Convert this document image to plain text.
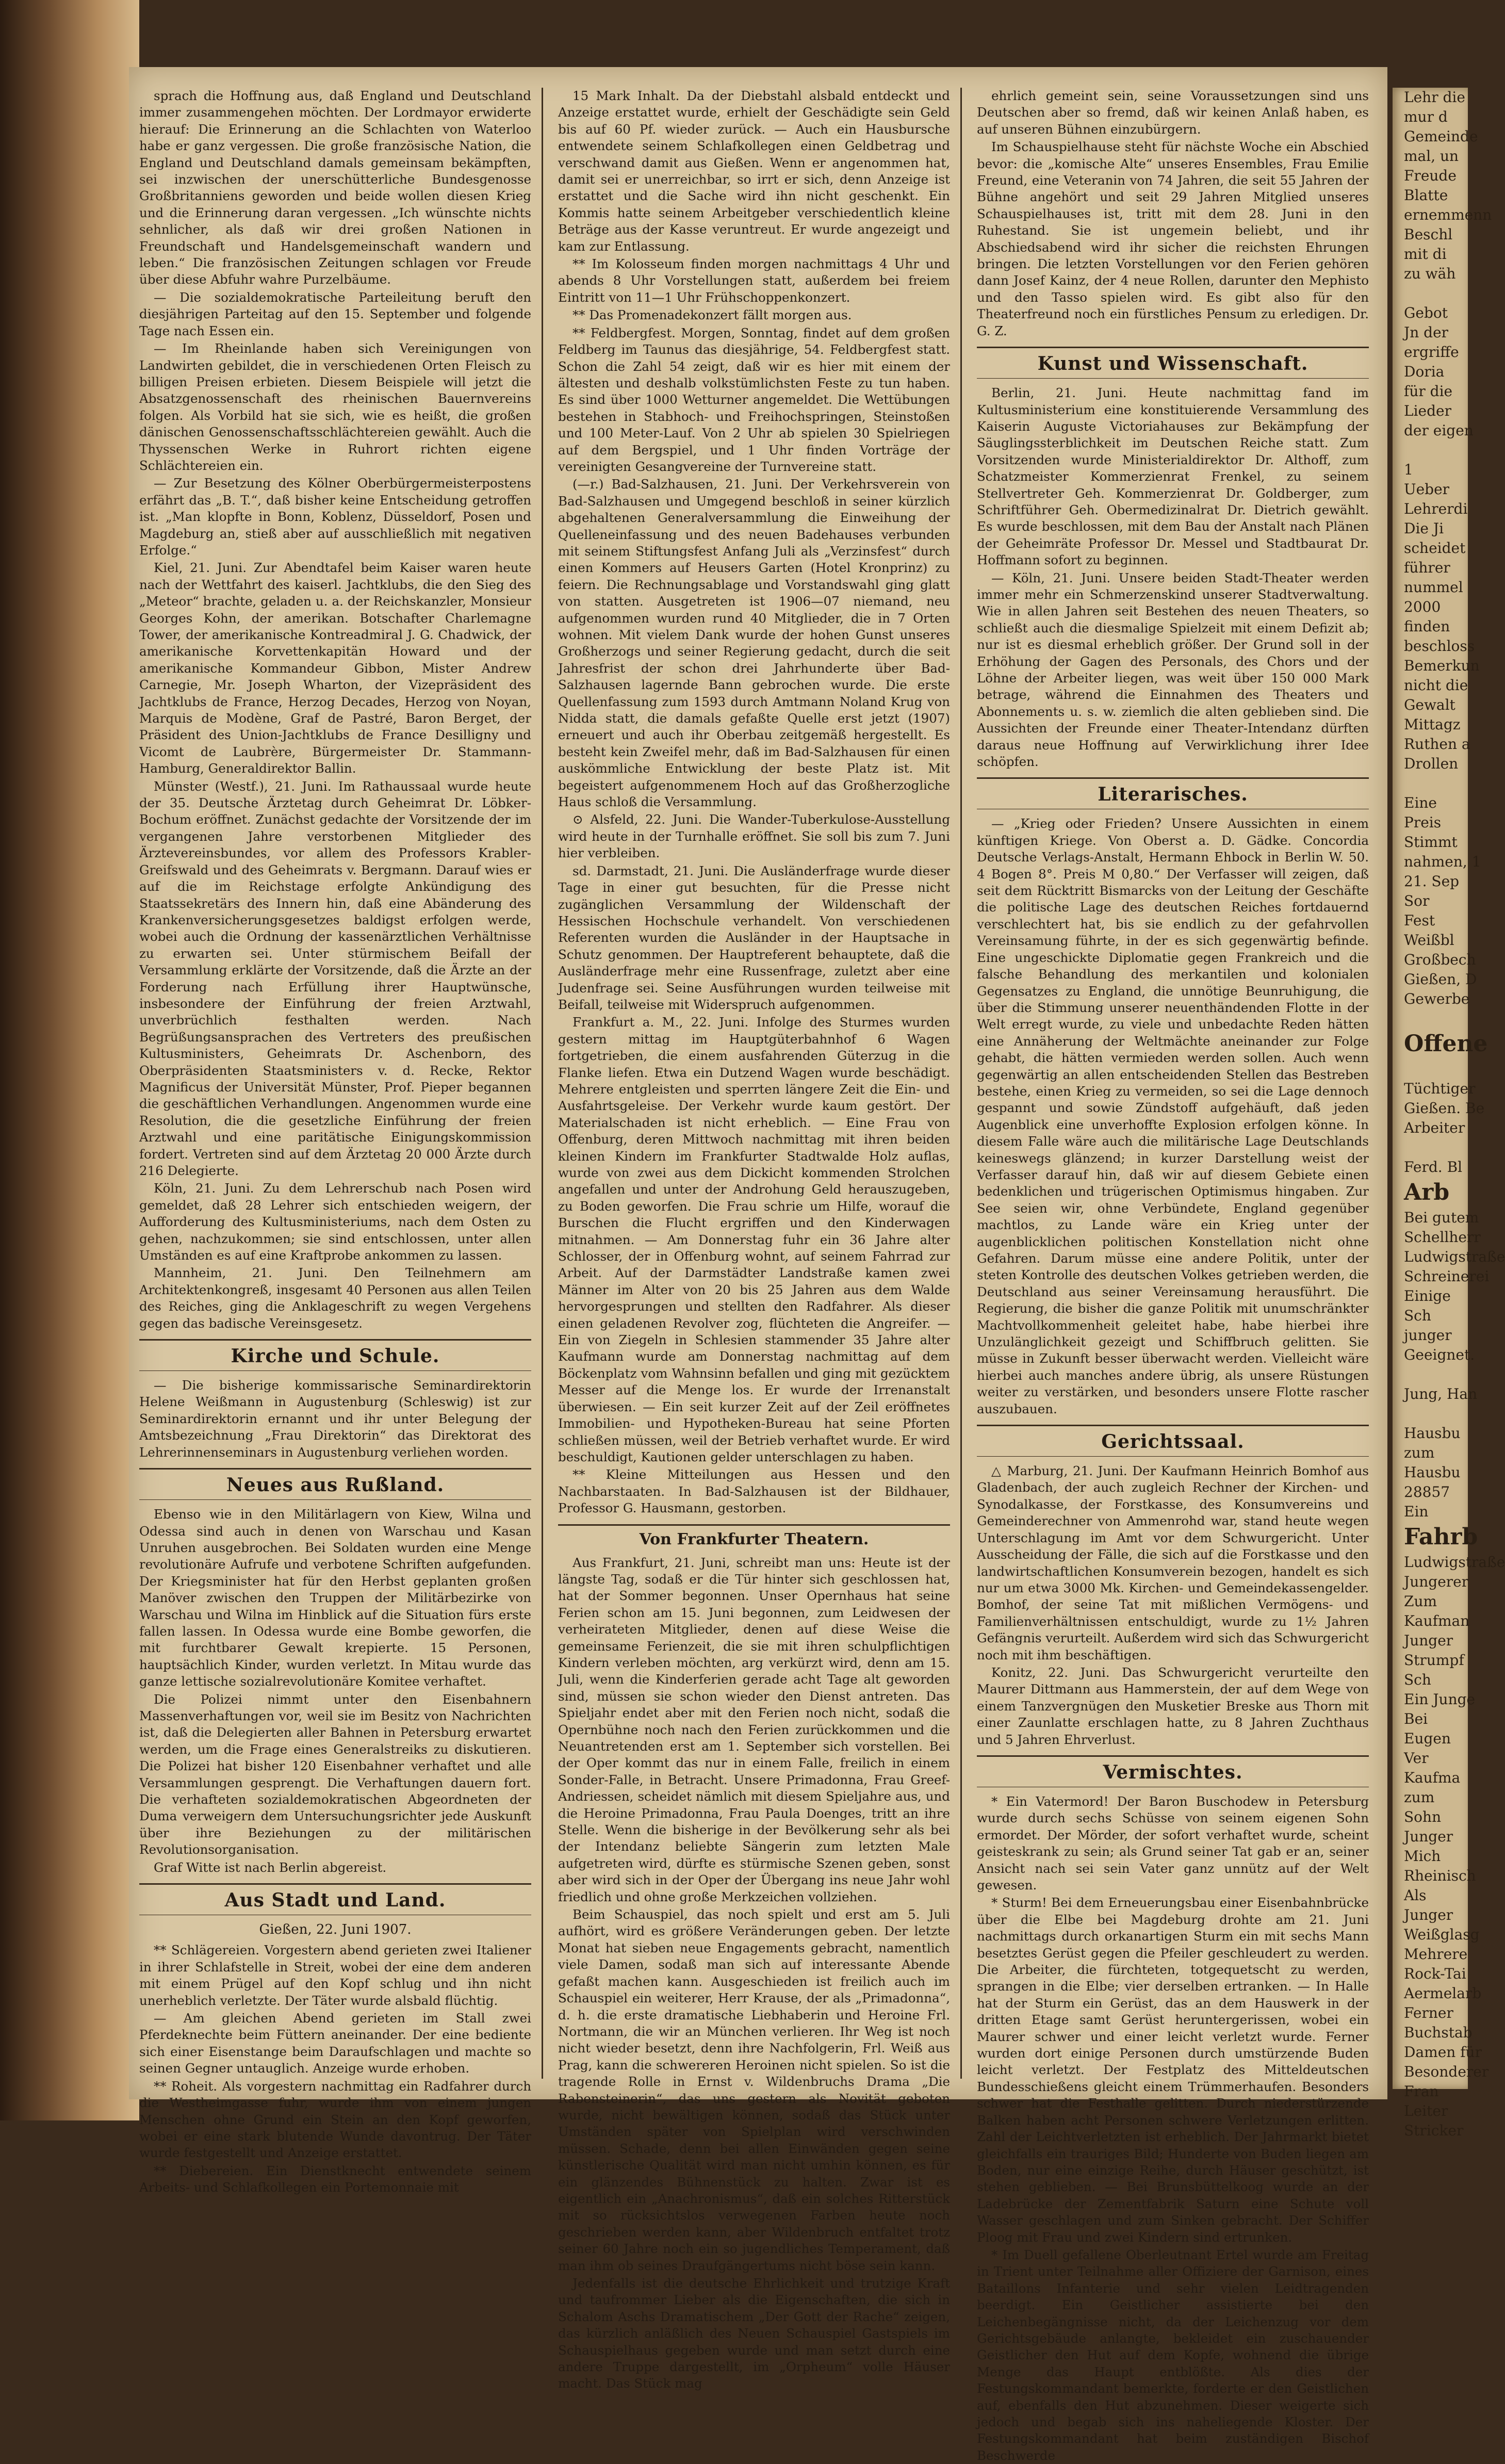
sprach die Hoffnung aus, daß England und Deutschland immer zusammengehen möchten. Der Lordmayor erwiderte hierauf: Die Erinnerung an die Schlachten von Waterloo habe er ganz vergessen. Die große französische Nation, die England und Deutschland damals gemeinsam bekämpften, sei inzwischen der unerschütterliche Bundesgenosse Großbritanniens geworden und beide wollen diesen Krieg und die Erinnerung daran vergessen. „Ich wünschte nichts sehnlicher, als daß wir drei großen Nationen in Freundschaft und Handelsgemeinschaft wandern und leben.“ Die französischen Zeitungen schlagen vor Freude über diese Abfuhr wahre Purzelbäume.

— Die sozialdemokratische Parteileitung beruft den diesjährigen Parteitag auf den 15. September und folgende Tage nach Essen ein.

— Im Rheinlande haben sich Vereinigungen von Landwirten gebildet, die in verschiedenen Orten Fleisch zu billigen Preisen erbieten. Diesem Beispiele will jetzt die Absatzgenossenschaft des rheinischen Bauernvereins folgen. Als Vorbild hat sie sich, wie es heißt, die großen dänischen Genossenschaftsschlächtereien gewählt. Auch die Thyssenschen Werke in Ruhrort richten eigene Schlächtereien ein.

— Zur Besetzung des Kölner Oberbürgermeisterpostens erfährt das „B. T.“, daß bisher keine Entscheidung getroffen ist. „Man klopfte in Bonn, Koblenz, Düsseldorf, Posen und Magdeburg an, stieß aber auf ausschließlich mit negativen Erfolge.“

Kiel, 21. Juni. Zur Abendtafel beim Kaiser waren heute nach der Wettfahrt des kaiserl. Jachtklubs, die den Sieg des „Meteor“ brachte, geladen u. a. der Reichskanzler, Monsieur Georges Kohn, der amerikan. Botschafter Charlemagne Tower, der amerikanische Kontreadmiral J. G. Chadwick, der amerikanische Korvettenkapitän Howard und der amerikanische Kommandeur Gibbon, Mister Andrew Carnegie, Mr. Joseph Wharton, der Vizepräsident des Jachtklubs de France, Herzog Decades, Herzog von Noyan, Marquis de Modène, Graf de Pastré, Baron Berget, der Präsident des Union-Jachtklubs de France Desilligny und Vicomt de Laubrère, Bürgermeister Dr. Stammann-Hamburg, Generaldirektor Ballin.

Münster (Westf.), 21. Juni. Im Rathaussaal wurde heute der 35. Deutsche Ärztetag durch Geheimrat Dr. Löbker-Bochum eröffnet. Zunächst gedachte der Vorsitzende der im vergangenen Jahre verstorbenen Mitglieder des Ärztevereinsbundes, vor allem des Professors Krabler-Greifswald und des Geheimrats v. Bergmann. Darauf wies er auf die im Reichstage erfolgte Ankündigung des Staatssekretärs des Innern hin, daß eine Abänderung des Krankenversicherungsgesetzes baldigst erfolgen werde, wobei auch die Ordnung der kassenärztlichen Verhältnisse zu erwarten sei. Unter stürmischem Beifall der Versammlung erklärte der Vorsitzende, daß die Ärzte an der Forderung nach Erfüllung ihrer Hauptwünsche, insbesondere der Einführung der freien Arztwahl, unverbrüchlich festhalten werden. Nach Begrüßungsansprachen des Vertreters des preußischen Kultusministers, Geheimrats Dr. Aschenborn, des Oberpräsidenten Staatsministers v. d. Recke, Rektor Magnificus der Universität Münster, Prof. Pieper begannen die geschäftlichen Verhandlungen. Angenommen wurde eine Resolution, die die gesetzliche Einführung der freien Arztwahl und eine paritätische Einigungskommission fordert. Vertreten sind auf dem Ärztetag 20 000 Ärzte durch 216 Delegierte.

Köln, 21. Juni. Zu dem Lehrerschub nach Posen wird gemeldet, daß 28 Lehrer sich entschieden weigern, der Aufforderung des Kultusministeriums, nach dem Osten zu gehen, nachzukommen; sie sind entschlossen, unter allen Umständen es auf eine Kraftprobe ankommen zu lassen.

Mannheim, 21. Juni. Den Teilnehmern am Architektenkongreß, insgesamt 40 Personen aus allen Teilen des Reiches, ging die Anklageschrift zu wegen Vergehens gegen das badische Vereinsgesetz.

Kirche und Schule.

— Die bisherige kommissarische Seminardirektorin Helene Weißmann in Augustenburg (Schleswig) ist zur Seminardirektorin ernannt und ihr unter Belegung der Amtsbezeichnung „Frau Direktorin“ das Direktorat des Lehrerinnenseminars in Augustenburg verliehen worden.

Neues aus Rußland.

Ebenso wie in den Militärlagern von Kiew, Wilna und Odessa sind auch in denen von Warschau und Kasan Unruhen ausgebrochen. Bei Soldaten wurden eine Menge revolutionäre Aufrufe und verbotene Schriften aufgefunden. Der Kriegsminister hat für den Herbst geplanten großen Manöver zwischen den Truppen der Militärbezirke von Warschau und Wilna im Hinblick auf die Situation fürs erste fallen lassen. In Odessa wurde eine Bombe geworfen, die mit furchtbarer Gewalt krepierte. 15 Personen, hauptsächlich Kinder, wurden verletzt. In Mitau wurde das ganze lettische sozialrevolutionäre Komitee verhaftet.

Die Polizei nimmt unter den Eisenbahnern Massenverhaftungen vor, weil sie im Besitz von Nachrichten ist, daß die Delegierten aller Bahnen in Petersburg erwartet werden, um die Frage eines Generalstreiks zu diskutieren. Die Polizei hat bisher 120 Eisenbahner verhaftet und alle Versammlungen gesprengt. Die Verhaftungen dauern fort. Die verhafteten sozialdemokratischen Abgeordneten der Duma verweigern dem Untersuchungsrichter jede Auskunft über ihre Beziehungen zu der militärischen Revolutionsorganisation.

Graf Witte ist nach Berlin abgereist.

Aus Stadt und Land.
Gießen, 22. Juni 1907.

** Schlägereien. Vorgestern abend gerieten zwei Italiener in ihrer Schlafstelle in Streit, wobei der eine dem anderen mit einem Prügel auf den Kopf schlug und ihn nicht unerheblich verletzte. Der Täter wurde alsbald flüchtig.

— Am gleichen Abend gerieten im Stall zwei Pferdeknechte beim Füttern aneinander. Der eine bediente sich einer Eisenstange beim Daraufschlagen und machte so seinen Gegner untauglich. Anzeige wurde erhoben.

** Roheit. Als vorgestern nachmittag ein Radfahrer durch die Westheimgasse fuhr, wurde ihm von einem jungen Menschen ohne Grund ein Stein an den Kopf geworfen, wobei er eine stark blutende Wunde davontrug. Der Täter wurde festgestellt und Anzeige erstattet.

** Diebereien. Ein Dienstknecht entwendete seinem Arbeits- und Schlafkollegen ein Portemonnaie mit

15 Mark Inhalt. Da der Diebstahl alsbald entdeckt und Anzeige erstattet wurde, erhielt der Geschädigte sein Geld bis auf 60 Pf. wieder zurück. — Auch ein Hausbursche entwendete seinem Schlafkollegen einen Geldbetrag und verschwand damit aus Gießen. Wenn er angenommen hat, damit sei er unerreichbar, so irrt er sich, denn Anzeige ist erstattet und die Sache wird ihn nicht geschenkt. Ein Kommis hatte seinem Arbeitgeber verschiedentlich kleine Beträge aus der Kasse veruntreut. Er wurde angezeigt und kam zur Entlassung.

** Im Kolosseum finden morgen nachmittags 4 Uhr und abends 8 Uhr Vorstellungen statt, außerdem bei freiem Eintritt von 11—1 Uhr Frühschoppenkonzert.

** Das Promenadekonzert fällt morgen aus.

** Feldbergfest. Morgen, Sonntag, findet auf dem großen Feldberg im Taunus das diesjährige, 54. Feldbergfest statt. Schon die Zahl 54 zeigt, daß wir es hier mit einem der ältesten und deshalb volkstümlichsten Feste zu tun haben. Es sind über 1000 Wetturner angemeldet. Die Wettübungen bestehen in Stabhoch- und Freihochspringen, Steinstoßen und 100 Meter-Lauf. Von 2 Uhr ab spielen 30 Spielriegen auf dem Bergspiel, und 1 Uhr finden Vorträge der vereinigten Gesangvereine der Turnvereine statt.

(—r.) Bad-Salzhausen, 21. Juni. Der Verkehrsverein von Bad-Salzhausen und Umgegend beschloß in seiner kürzlich abgehaltenen Generalversammlung die Einweihung der Quelleneinfassung und des neuen Badehauses verbunden mit seinem Stiftungsfest Anfang Juli als „Verzinsfest“ durch einen Kommers auf Heusers Garten (Hotel Kronprinz) zu feiern. Die Rechnungsablage und Vorstandswahl ging glatt von statten. Ausgetreten ist 1906—07 niemand, neu aufgenommen wurden rund 40 Mitglieder, die in 7 Orten wohnen. Mit vielem Dank wurde der hohen Gunst unseres Großherzogs und seiner Regierung gedacht, durch die seit Jahresfrist der schon drei Jahrhunderte über Bad-Salzhausen lagernde Bann gebrochen wurde. Die erste Quellenfassung zum 1593 durch Amtmann Noland Krug von Nidda statt, die damals gefaßte Quelle erst jetzt (1907) erneuert und auch ihr Oberbau zeitgemäß hergestellt. Es besteht kein Zweifel mehr, daß im Bad-Salzhausen für einen auskömmliche Entwicklung der beste Platz ist. Mit begeistert aufgenommenem Hoch auf das Großherzogliche Haus schloß die Versammlung.

⊙ Alsfeld, 22. Juni. Die Wander-Tuberkulose-Ausstellung wird heute in der Turnhalle eröffnet. Sie soll bis zum 7. Juni hier verbleiben.

sd. Darmstadt, 21. Juni. Die Ausländerfrage wurde dieser Tage in einer gut besuchten, für die Presse nicht zugänglichen Versammlung der Wildenschaft der Hessischen Hochschule verhandelt. Von verschiedenen Referenten wurden die Ausländer in der Hauptsache in Schutz genommen. Der Hauptreferent behauptete, daß die Ausländerfrage mehr eine Russenfrage, zuletzt aber eine Judenfrage sei. Seine Ausführungen wurden teilweise mit Beifall, teilweise mit Widerspruch aufgenommen.

Frankfurt a. M., 22. Juni. Infolge des Sturmes wurden gestern mittag im Hauptgüterbahnhof 6 Wagen fortgetrieben, die einem ausfahrenden Güterzug in die Flanke liefen. Etwa ein Dutzend Wagen wurde beschädigt. Mehrere entgleisten und sperrten längere Zeit die Ein- und Ausfahrtsgeleise. Der Verkehr wurde kaum gestört. Der Materialschaden ist nicht erheblich. — Eine Frau von Offenburg, deren Mittwoch nachmittag mit ihren beiden kleinen Kindern im Frankfurter Stadtwalde Holz auflas, wurde von zwei aus dem Dickicht kommenden Strolchen angefallen und unter der Androhung Geld herauszugeben, zu Boden geworfen. Die Frau schrie um Hilfe, worauf die Burschen die Flucht ergriffen und den Kinderwagen mitnahmen. — Am Donnerstag fuhr ein 36 Jahre alter Schlosser, der in Offenburg wohnt, auf seinem Fahrrad zur Arbeit. Auf der Darmstädter Landstraße kamen zwei Männer im Alter von 20 bis 25 Jahren aus dem Walde hervorgesprungen und stellten den Radfahrer. Als dieser einen geladenen Revolver zog, flüchteten die Angreifer. — Ein von Ziegeln in Schlesien stammender 35 Jahre alter Kaufmann wurde am Donnerstag nachmittag auf dem Böckenplatz vom Wahnsinn befallen und ging mit gezücktem Messer auf die Menge los. Er wurde der Irrenanstalt überwiesen. — Ein seit kurzer Zeit auf der Zeil eröffnetes Immobilien- und Hypotheken-Bureau hat seine Pforten schließen müssen, weil der Betrieb verhaftet wurde. Er wird beschuldigt, Kautionen gelder unterschlagen zu haben.

** Kleine Mitteilungen aus Hessen und den Nachbarstaaten. In Bad-Salzhausen ist der Bildhauer, Professor G. Hausmann, gestorben.

Von Frankfurter Theatern.

Aus Frankfurt, 21. Juni, schreibt man uns: Heute ist der längste Tag, sodaß er die Tür hinter sich geschlossen hat, hat der Sommer begonnen. Unser Opernhaus hat seine Ferien schon am 15. Juni begonnen, zum Leidwesen der verheirateten Mitglieder, denen auf diese Weise die gemeinsame Ferienzeit, die sie mit ihren schulpflichtigen Kindern verleben möchten, arg verkürzt wird, denn am 15. Juli, wenn die Kinderferien gerade acht Tage alt geworden sind, müssen sie schon wieder den Dienst antreten. Das Spieljahr endet aber mit den Ferien noch nicht, sodaß die Opernbühne noch nach den Ferien zurückkommen und die Neuantretenden erst am 1. September sich vorstellen. Bei der Oper kommt das nur in einem Falle, freilich in einem Sonder-Falle, in Betracht. Unsere Primadonna, Frau Greef-Andriessen, scheidet nämlich mit diesem Spieljahre aus, und die Heroine Primadonna, Frau Paula Doenges, tritt an ihre Stelle. Wenn die bisherige in der Bevölkerung sehr als bei der Intendanz beliebte Sängerin zum letzten Male aufgetreten wird, dürfte es stürmische Szenen geben, sonst aber wird sich in der Oper der Übergang ins neue Jahr wohl friedlich und ohne große Merkzeichen vollziehen.

Beim Schauspiel, das noch spielt und erst am 5. Juli aufhört, wird es größere Veränderungen geben. Der letzte Monat hat sieben neue Engagements gebracht, namentlich viele Damen, sodaß man sich auf interessante Abende gefaßt machen kann. Ausgeschieden ist freilich auch im Schauspiel ein weiterer, Herr Krause, der als „Primadonna“, d. h. die erste dramatische Liebhaberin und Heroine Frl. Nortmann, die wir an München verlieren. Ihr Weg ist noch nicht wieder besetzt, denn ihre Nachfolgerin, Frl. Weiß aus Prag, kann die schwereren Heroinen nicht spielen. So ist die tragende Rolle in Ernst v. Wildenbruchs Drama „Die Rabensteinerin“, das uns gestern als Novität geboten wurde, nicht bewältigen können, sodaß das Stück unter Umständen später von Spielplan wird verschwinden müssen. Schade, denn bei allen Einwänden gegen seine künstlerische Qualität wird man nicht umhin können, es für ein glänzendes Bühnenstück zu halten. Zwar ist es eigentlich ein „Anachronismus“, daß ein solches Ritterstück mit so rücksichtslos verwegenen Farben heute noch geschrieben werden kann, aber Wildenbruch entfaltet trotz seiner 60 Jahre noch ein so jugendliches Temperament, daß man ihm ob seines Draufgängertums nicht böse sein kann.

Jedenfalls ist die deutsche Ehrlichkeit und trutzige Kraft und taufrommer Lieber als die Eigenschaften, die sich in Schalom Aschs Dramatischem „Der Gott der Rache“ zeigen, das kürzlich anläßlich des Neuen Schauspiel Gastspiels im Schauspielhaus gegeben wurde und man setzt durch eine andere Truppe dargestellt, im „Orpheum“ volle Häuser macht. Das Stück mag

ehrlich gemeint sein, seine Voraussetzungen sind uns Deutschen aber so fremd, daß wir keinen Anlaß haben, es auf unseren Bühnen einzubürgern.

Im Schauspielhause steht für nächste Woche ein Abschied bevor: die „komische Alte“ unseres Ensembles, Frau Emilie Freund, eine Veteranin von 74 Jahren, die seit 55 Jahren der Bühne angehört und seit 29 Jahren Mitglied unseres Schauspielhauses ist, tritt mit dem 28. Juni in den Ruhestand. Sie ist ungemein beliebt, und ihr Abschiedsabend wird ihr sicher die reichsten Ehrungen bringen. Die letzten Vorstellungen vor den Ferien gehören dann Josef Kainz, der 4 neue Rollen, darunter den Mephisto und den Tasso spielen wird. Es gibt also für den Theaterfreund noch ein fürstliches Pensum zu erledigen. Dr. G. Z.

Kunst und Wissenschaft.

Berlin, 21. Juni. Heute nachmittag fand im Kultusministerium eine konstituierende Versammlung des Kaiserin Auguste Victoriahauses zur Bekämpfung der Säuglingssterblichkeit im Deutschen Reiche statt. Zum Vorsitzenden wurde Ministerialdirektor Dr. Althoff, zum Schatzmeister Kommerzienrat Frenkel, zu seinem Stellvertreter Geh. Kommerzienrat Dr. Goldberger, zum Schriftführer Geh. Obermedizinalrat Dr. Dietrich gewählt. Es wurde beschlossen, mit dem Bau der Anstalt nach Plänen der Geheimräte Professor Dr. Messel und Stadtbaurat Dr. Hoffmann sofort zu beginnen.

— Köln, 21. Juni. Unsere beiden Stadt-Theater werden immer mehr ein Schmerzenskind unserer Stadtverwaltung. Wie in allen Jahren seit Bestehen des neuen Theaters, so schließt auch die diesmalige Spielzeit mit einem Defizit ab; nur ist es diesmal erheblich größer. Der Grund soll in der Erhöhung der Gagen des Personals, des Chors und der Löhne der Arbeiter liegen, was weit über 150 000 Mark betrage, während die Einnahmen des Theaters und Abonnements u. s. w. ziemlich die alten geblieben sind. Die Aussichten der Freunde einer Theater-Intendanz dürften daraus neue Hoffnung auf Verwirklichung ihrer Idee schöpfen.

Literarisches.

— „Krieg oder Frieden? Unsere Aussichten in einem künftigen Kriege. Von Oberst a. D. Gädke. Concordia Deutsche Verlags-Anstalt, Hermann Ehbock in Berlin W. 50. 4 Bogen 8°. Preis M 0,80.“ Der Verfasser will zeigen, daß seit dem Rücktritt Bismarcks von der Leitung der Geschäfte die politische Lage des deutschen Reiches fortdauernd verschlechtert hat, bis sie endlich zu der gefahrvollen Vereinsamung führte, in der es sich gegenwärtig befinde. Eine ungeschickte Diplomatie gegen Frankreich und die falsche Behandlung des merkantilen und kolonialen Gegensatzes zu England, die unnötige Beunruhigung, die über die Stimmung unserer neuenthändenden Flotte in der Welt erregt wurde, zu viele und unbedachte Reden hätten eine Annäherung der Weltmächte aneinander zur Folge gehabt, die hätten vermieden werden sollen. Auch wenn gegenwärtig an allen entscheidenden Stellen das Bestreben bestehe, einen Krieg zu vermeiden, so sei die Lage dennoch gespannt und sowie Zündstoff aufgehäuft, daß jeden Augenblick eine unverhoffte Explosion erfolgen könne. In diesem Falle wäre auch die militärische Lage Deutschlands keineswegs glänzend; in kurzer Darstellung weist der Verfasser darauf hin, daß wir auf diesem Gebiete einen bedenklichen und trügerischen Optimismus hingaben. Zur See seien wir, ohne Verbündete, England gegenüber machtlos, zu Lande wäre ein Krieg unter der augenblicklichen politischen Konstellation nicht ohne Gefahren. Darum müsse eine andere Politik, unter der steten Kontrolle des deutschen Volkes getrieben werden, die Deutschland aus seiner Vereinsamung herausführt. Die Regierung, die bisher die ganze Politik mit unumschränkter Machtvollkommenheit geleitet habe, habe hierbei ihre Unzulänglichkeit gezeigt und Schiffbruch gelitten. Sie müsse in Zukunft besser überwacht werden. Vielleicht wäre hierbei auch manches andere übrig, als unsere Rüstungen weiter zu verstärken, und besonders unsere Flotte rascher auszubauen.

Gerichtssaal.

△ Marburg, 21. Juni. Der Kaufmann Heinrich Bomhof aus Gladenbach, der auch zugleich Rechner der Kirchen- und Synodalkasse, der Forstkasse, des Konsumvereins und Gemeinderechner von Ammenrohd war, stand heute wegen Unterschlagung im Amt vor dem Schwurgericht. Unter Ausscheidung der Fälle, die sich auf die Forstkasse und den landwirtschaftlichen Konsumverein bezogen, handelt es sich nur um etwa 3000 Mk. Kirchen- und Gemeindekassengelder. Bomhof, der seine Tat mit mißlichen Vermögens- und Familienverhältnissen entschuldigt, wurde zu 1½ Jahren Gefängnis verurteilt. Außerdem wird sich das Schwurgericht noch mit ihm beschäftigen.

Konitz, 22. Juni. Das Schwurgericht verurteilte den Maurer Dittmann aus Hammerstein, der auf dem Wege von einem Tanzvergnügen den Musketier Breske aus Thorn mit einer Zaunlatte erschlagen hatte, zu 8 Jahren Zuchthaus und 5 Jahren Ehrverlust.

Vermischtes.

* Ein Vatermord! Der Baron Buschodew in Petersburg wurde durch sechs Schüsse von seinem eigenen Sohn ermordet. Der Mörder, der sofort verhaftet wurde, scheint geisteskrank zu sein; als Grund seiner Tat gab er an, seiner Ansicht nach sei sein Vater ganz unnütz auf der Welt gewesen.

* Sturm! Bei dem Erneuerungsbau einer Eisenbahnbrücke über die Elbe bei Magdeburg drohte am 21. Juni nachmittags durch orkanartigen Sturm ein mit sechs Mann besetztes Gerüst gegen die Pfeiler geschleudert zu werden. Die Arbeiter, die fürchteten, totgequetscht zu werden, sprangen in die Elbe; vier derselben ertranken. — In Halle hat der Sturm ein Gerüst, das an dem Hauswerk in der dritten Etage samt Gerüst heruntergerissen, wobei ein Maurer schwer und einer leicht verletzt wurde. Ferner wurden dort einige Personen durch umstürzende Buden leicht verletzt. Der Festplatz des Mitteldeutschen Bundesschießens gleicht einem Trümmerhaufen. Besonders schwer hat die Festhalle gelitten. Durch niederstürzende Balken haben acht Personen schwere Verletzungen erlitten. Zahl der Leichtverletzten ist erheblich. Der Jahrmarkt bietet gleichfalls ein trauriges Bild; Hunderte von Buden liegen am Boden, nur eine einzige Reihe, durch Häuser geschützt, ist stehen geblieben. — Bei Brunsbüttelkoog wurde an der Ladebrücke der Zementfabrik Saturn eine Schute voll Wasser geschlagen und zum Sinken gebracht. Der Schiffer Ploog mit Frau und zwei Kindern sind ertrunken.

* Im Duell gefallene Oberleutnant Ertel wurde am Freitag in Trient unter Teilnahme aller Offiziere der Garnison, eines Bataillons Infanterie und sehr vielen Leidtragenden beerdigt. Ein Geistlicher assistierte bei den Leichenbegängnisse nicht, da der Leichenzug vor dem Gerichtsgebäude anlangte, bekleidet ein zuschauender Geistlicher den Hut auf dem Kopfe, wohnend die übrige Menge das Haupt entblößte. Als dies der Festungskommandant bemerkte, forderte er den Geistlichen auf, ebenfalls den Hut abzunehmen. Dieser weigerte sich jedoch und begab sich ins naheliegende Kloster. Der Festungskommandant hat beim zuständigen Bischof Beschwerde

Lehr die
mur d
Gemeinde
mal, un
Freude
Blatte
ernemmenn
Beschl
mit di
zu wäh

Gebot
Jn der
ergriffe
Doria
für die
Lieder
der eigen

1
Ueber
Lehrerdi
Die Ji
scheidet
führer
nummel
2000
finden
beschloss
Bemerkun
nicht die
Gewalt
Mittagz
Ruthen a
Drollen

Eine
Preis
Stimmt
nahmen, 1
21. Sep
Sor
Fest
Weißbl
Großbech
Gießen, D
Gewerbe

Offene

Tüchtiger
Gießen. Be
Arbeiter

Ferd. Bl
Arb
Bei gutem
Schellherr
Ludwigstraße
Schreinerei
Einige
Sch
junger
Geeignet.

Jung, Han

Hausbu
zum
Hausbu
28857
Ein
Fahrb
Ludwigstraße
Jungerer
Zum
Kaufman
Junger
Strumpf
Sch
Ein Junge
Bei
Eugen
Ver
Kaufma
zum
Sohn
Junger
Mich
Rheinisch
Als
Junger
Weißglasg
Mehrere
Rock-Tai
Aermelarb
Ferner
Buchstab
Damen für
Besonderer
Fran
Leiter
Stricker
